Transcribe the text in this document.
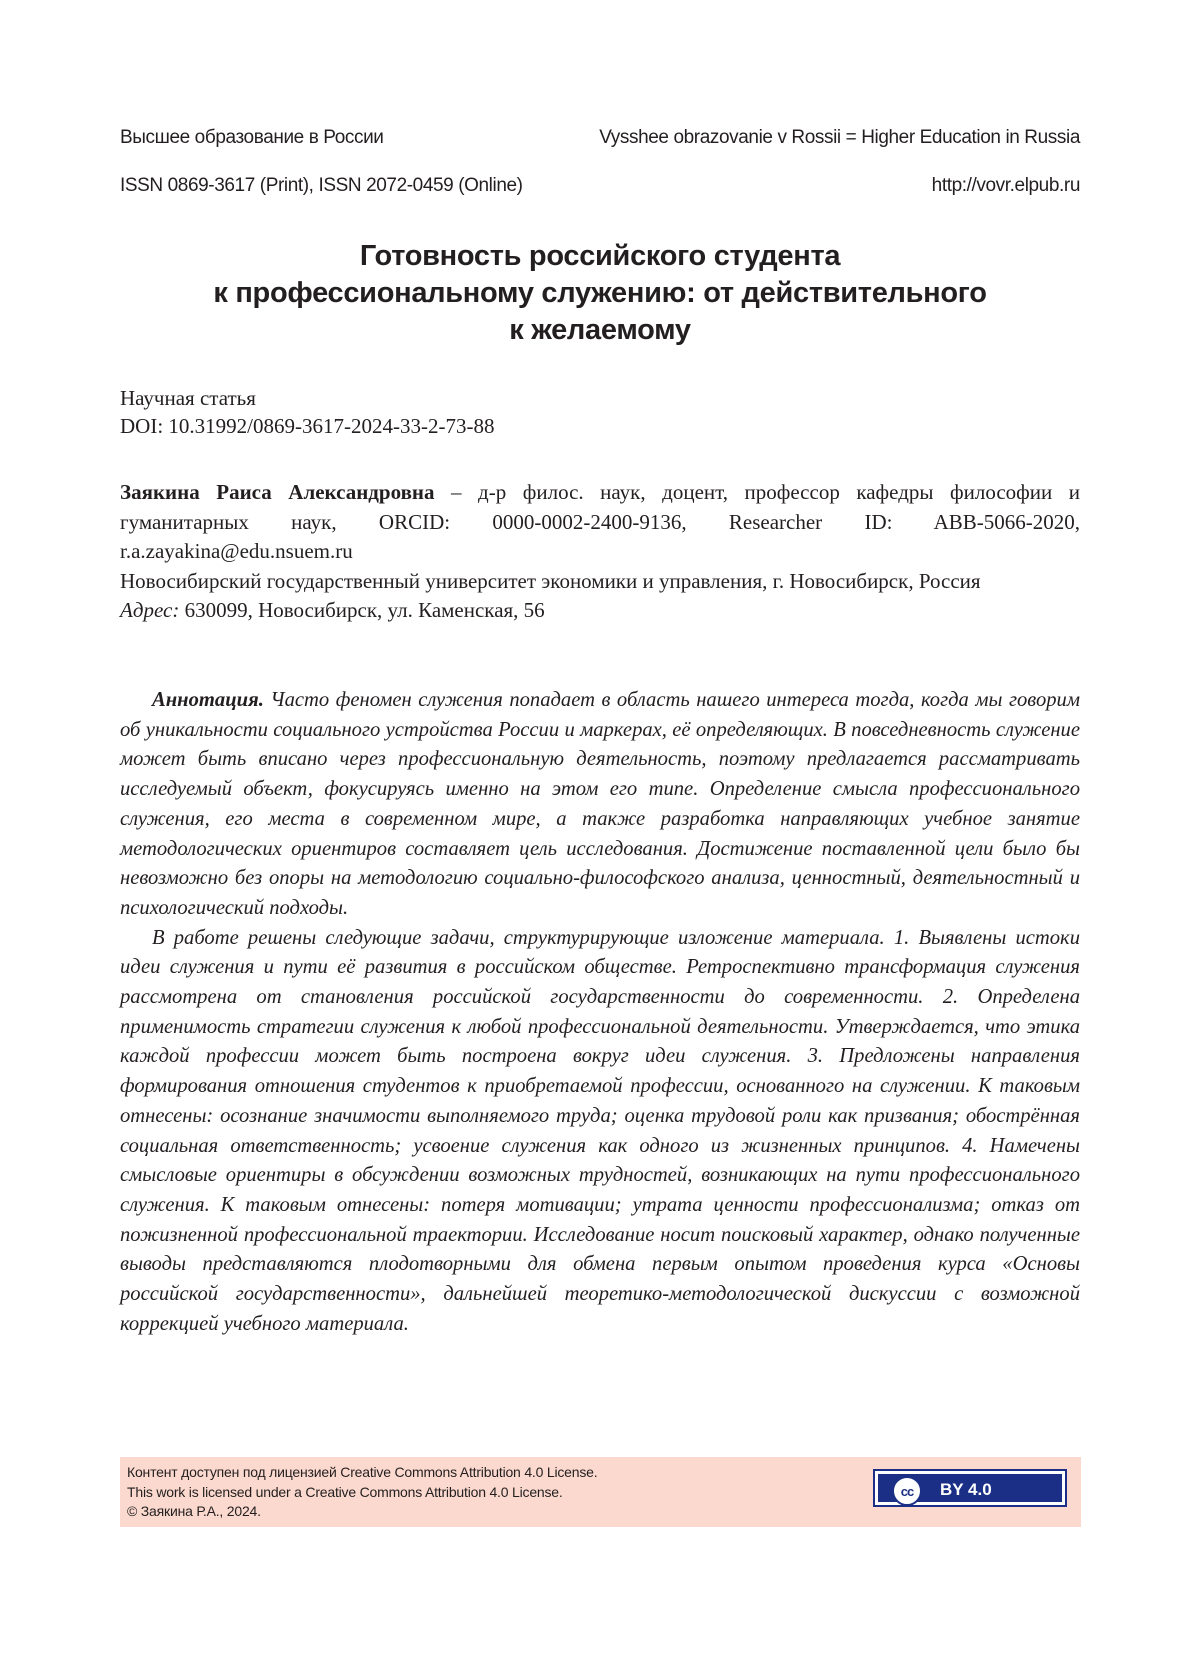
Высшее образование в России	Vysshee obrazovanie v Rossii = Higher Education in Russia
ISSN 0869-3617 (Print), ISSN 2072-0459 (Online)	http://vovr.elpub.ru
Готовность российского студента
к профессиональному служению: от действительного
к желаемому
Научная статья
DOI: 10.31992/0869-3617-2024-33-2-73-88

Заякина Раиса Александровна – д-р филос. наук, доцент, профессор кафедры философии и гуманитарных наук, ORCID: 0000-0002-2400-9136, Researcher ID: ABB-5066-2020, r.a.zayakina@edu.nsuem.ru

Новосибирский государственный университет экономики и управления, г. Новосибирск, Россия

Адрес: 630099, Новосибирск, ул. Каменская, 56

Аннотация. Часто феномен служения попадает в область нашего интереса тогда, когда мы говорим об уникальности социального устройства России и маркерах, её определяющих. В повседневность служение может быть вписано через профессиональную деятельность, поэтому предлагается рассматривать исследуемый объект, фокусируясь именно на этом его типе. Определение смысла профессионального служения, его места в современном мире, а также разработка направляющих учебное занятие методологических ориентиров составляет цель исследования. Достижение поставленной цели было бы невозможно без опоры на методологию социально-философского анализа, ценностный, деятельностный и психологический подходы.

В работе решены следующие задачи, структурирующие изложение материала. 1. Выявлены истоки идеи служения и пути её развития в российском обществе. Ретроспективно трансформация служения рассмотрена от становления российской государственности до современности. 2. Определена применимость стратегии служения к любой профессиональной деятельности. Утверждается, что этика каждой профессии может быть построена вокруг идеи служения. 3. Предложены направления формирования отношения студентов к приобретаемой профессии, основанного на служении. К таковым отнесены: осознание значимости выполняемого труда; оценка трудовой роли как призвания; обострённая социальная ответственность; усвоение служения как одного из жизненных принципов. 4. Намечены смысловые ориентиры в обсуждении возможных трудностей, возникающих на пути профессионального служения. К таковым отнесены: потеря мотивации; утрата ценности профессионализма; отказ от пожизненной профессиональной траектории. Исследование носит поисковый характер, однако полученные выводы представляются плодотворными для обмена первым опытом проведения курса «Основы российской государственности», дальнейшей теоретико-методологической дискуссии с возможной коррекцией учебного материала.

Контент доступен под лицензией Creative Commons Attribution 4.0 License.
This work is licensed under a Creative Commons Attribution 4.0 License.
© Заякина Р.А., 2024.
cc	BY 4.0
